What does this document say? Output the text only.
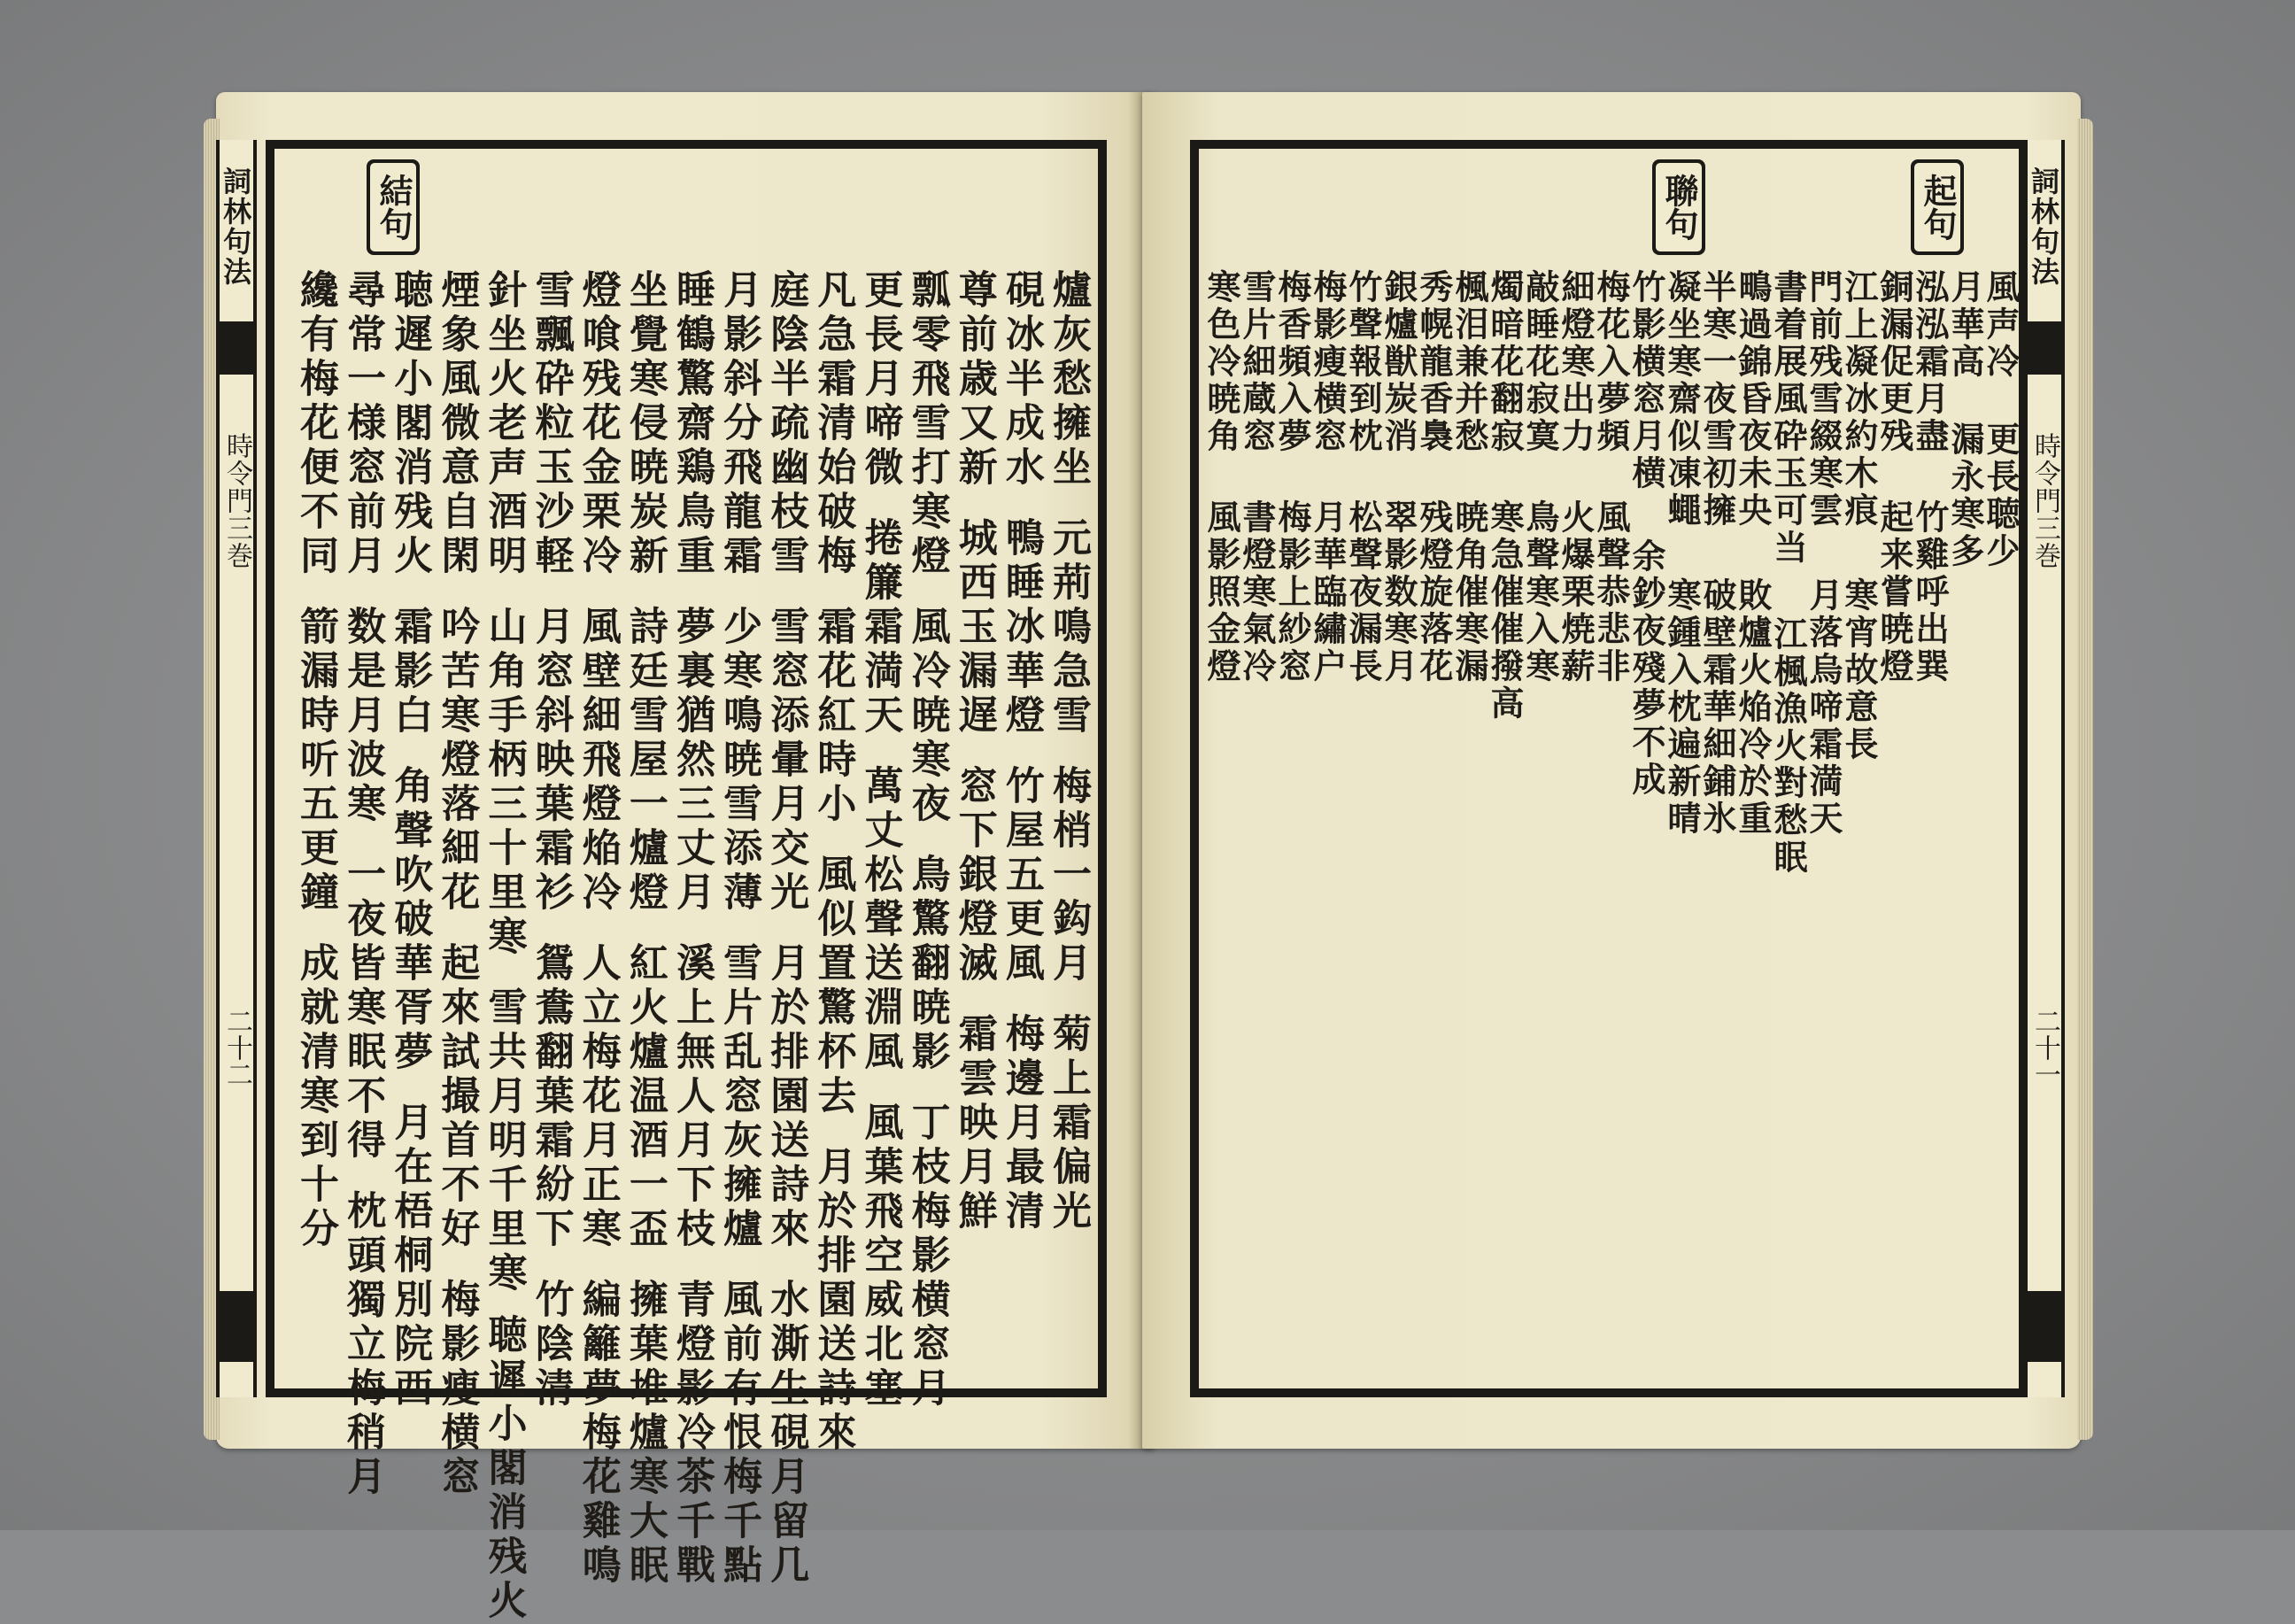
詞林句法
時令門三巻
二十二
結句
爐灰愁擁坐
元荊鳴急雪
梅梢一鈎月
菊上霜偏光
硯冰半成水
鴨睡冰華燈
竹屋五更風
梅邊月最清
尊前歳又新
城西玉漏遅
窓下銀燈滅
霜雲映月鮮
瓢零飛雪打寒燈
風冷暁寒夜
鳥驚翻暁影
丁枝梅影横窓月
更長月啼微
捲簾霜満天
萬丈松聲送淵風
風葉飛空威北塞
凡急霜清始破梅
霜花紅時小
風似置驚杯去
月於排園送詩來
庭陰半疏幽枝雪
雪窓添暈月交光
月於排園送詩來
水澌生硯月留几
月影斜分飛龍霜
少寒鳴暁雪添薄
雪片乱窓灰擁爐
風前有恨梅千點
睡鶴驚齋鶏鳥重
夢裏猶然三丈月
溪上無人月下枝
青燈影冷茶千戰
坐覺寒侵暁炭新
詩廷雪屋一爐燈
紅火爐温酒一盃
擁葉堆爐寒大眠
燈喰残花金栗冷
風壁細飛燈焔冷
人立梅花月正寒
編籬夢梅花雞鳴
雪飄砕粒玉沙軽
月窓斜映葉霜衫
鴛鴦翻葉霜紛下
竹陰清
針坐火老声酒明
山角手柄三十里寒
雪共月明千里寒
聴遲小閣消残火
煙象風微意自閑
吟苦寒燈落細花
起來試撮首不好
梅影瘦横窓
聴遲小閣消残火
霜影白
角聲吹破華胥夢
月在梧桐別院西
尋常一様窓前月
数是月波寒
一夜皆寒眠不得
枕頭獨立梅稍月
纔有梅花便不同
箭漏時听五更鐘
成就清寒到十分
詞林句法
時令門三巻
二十一
起句
聯句
風声冷
更長聴少
月華高
漏永寒多
泓泓霜月盡
竹雞呼出巽
銅漏促更残
起来嘗暁燈
江上凝冰約木痕
寒宵故意長
門前残雪綴寒雲
月落烏啼霜満天
書着展風砕玉可当
江楓漁火對愁眠
鴫過錦昏夜未央
敗爐火焔冷於重
半寒一夜雪初擁
破壁霜華細鋪氷
凝坐寒齋似凍蠅
寒鍾入枕遍新晴
竹影横窓月横
余鈔夜殘夢不成
梅花入夢頻
風聲恭悲非
細燈寒出力
火爆栗焼薪
敲睡花寂寞
鳥聲寒入寒
燭暗花翻寂
寒急催催撥高
楓泪兼并愁
暁角催寒漏
秀幌龍香裊
残燈旋落花
銀爐獣炭消
翠影数寒月
竹聲報到枕
松聲夜漏長
梅影瘦横窓
月華臨繡户
梅香頻入夢
梅影上紗窓
雪片細蔵窓
書燈寒氣冷
寒色冷暁角
風影照金燈
